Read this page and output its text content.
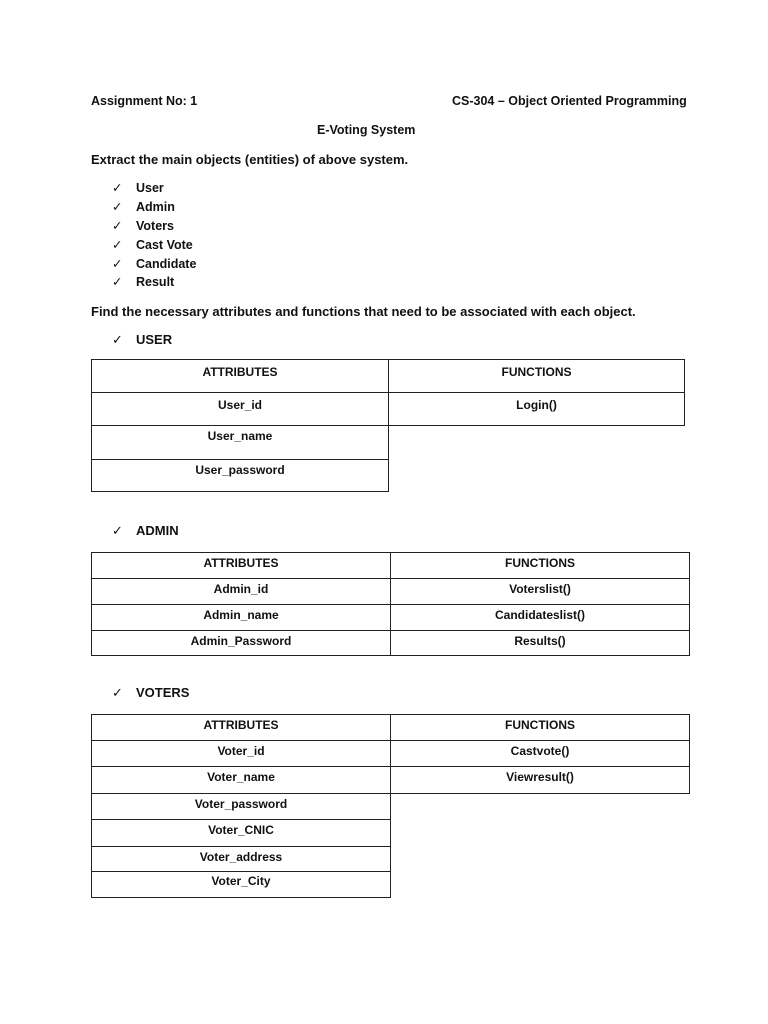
Assignment No: 1	CS-304 – Object Oriented Programming
E-Voting System
Extract the main objects (entities) of above system.
✓ User
✓ Admin
✓ Voters
✓ Cast Vote
✓ Candidate
✓ Result
Find the necessary attributes and functions that need to be associated with each object.
✓ USER
ATTRIBUTES	FUNCTIONS
User_id	Login()
User_name
User_password
✓ ADMIN
ATTRIBUTES	FUNCTIONS
Admin_id	Voterslist()
Admin_name	Candidateslist()
Admin_Password	Results()
✓ VOTERS
ATTRIBUTES	FUNCTIONS
Voter_id	Castvote()
Voter_name	Viewresult()
Voter_password
Voter_CNIC
Voter_address
Voter_City
